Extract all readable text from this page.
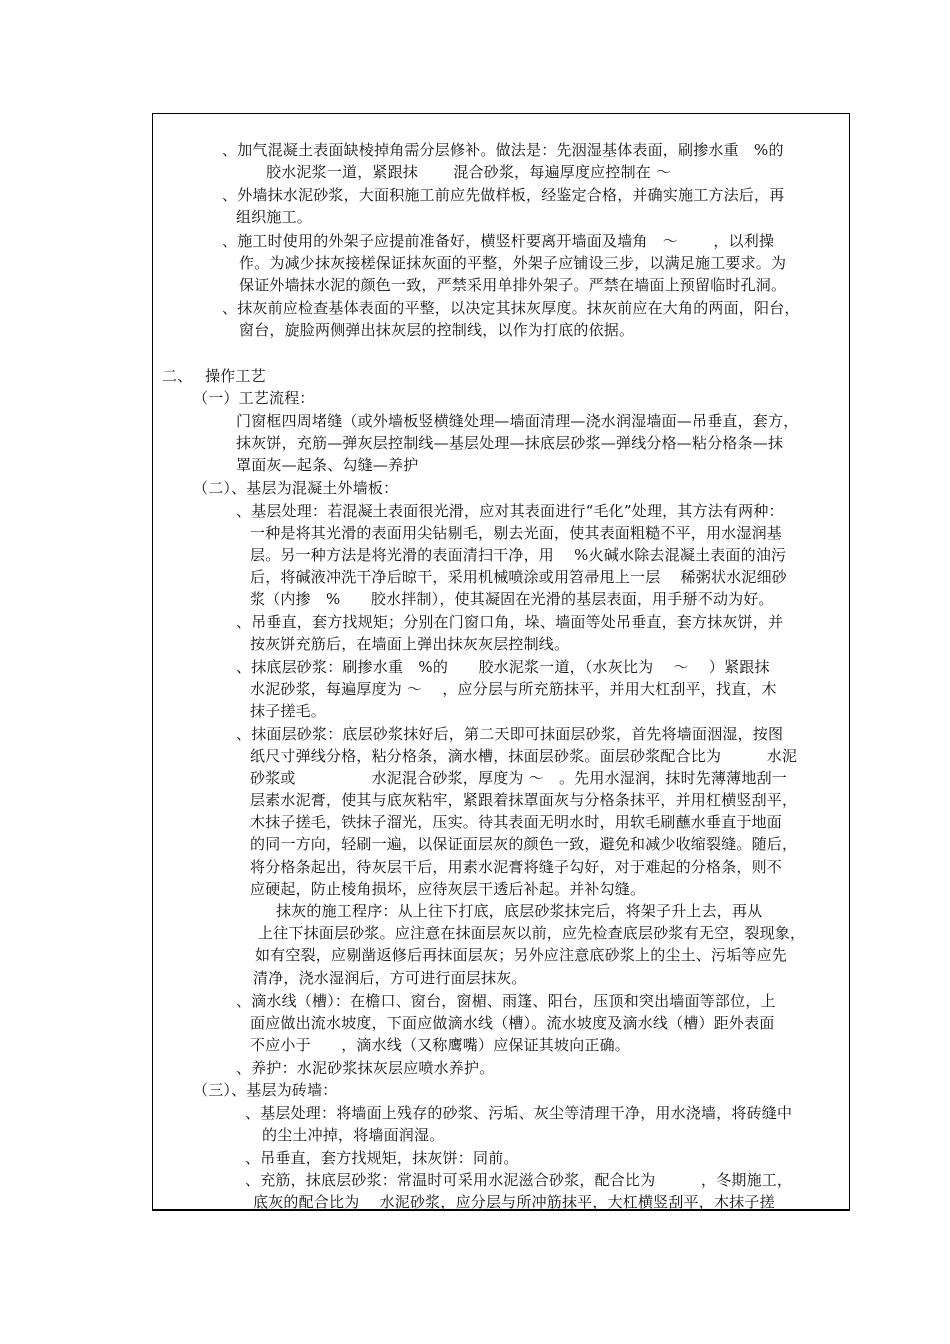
、加气混凝土表面缺棱掉角需分层修补。做法是：先洇湿基体表面，刷掺水重　%的
胶水泥浆一道，紧跟抹　　 混合砂浆，每遍厚度应控制在 ～
、外墙抹水泥砂浆，大面积施工前应先做样板，经鉴定合格，并确实施工方法后，再
组织施工。
、施工时使用的外架子应提前准备好，横竖杆要离开墙面及墙角　～　　 ，以利操
作。为减少抹灰接槎保证抹灰面的平整，外架子应铺设三步，以满足施工要求。为
保证外墙抹水泥的颜色一致，严禁采用单排外架子。严禁在墙面上预留临时孔洞。
、抹灰前应检查基体表面的平整，以决定其抹灰厚度。抹灰前应在大角的两面，阳台，
窗台，旋脸两侧弹出抹灰层的控制线，以作为打底的依据。
二、　 操作工艺
（一）工艺流程：
门窗框四周堵缝（或外墙板竖横缝处理—墙面清理—浇水润湿墙面—吊垂直，套方，
抹灰饼，充筋—弹灰层控制线—基层处理—抹底层砂浆—弹线分格—粘分格条—抹
罩面灰—起条、勾缝—养护
（二）、基层为混凝土外墙板：
、基层处理：若混凝土表面很光滑，应对其表面进行“毛化”处理，其方法有两种：
一种是将其光滑的表面用尖钻剔毛，剔去光面，使其表面粗糙不平，用水湿润基
层。另一种方法是将光滑的表面清扫干净，用　 %火碱水除去混凝土表面的油污
后，将碱液冲洗干净后晾干，采用机械喷涂或用笤帚甩上一层　 稀粥状水泥细砂
浆（内掺　%　　胶水拌制），使其凝固在光滑的基层表面，用手掰不动为好。
、吊垂直，套方找规矩；分别在门窗口角，垛、墙面等处吊垂直，套方抹灰饼，并
按灰饼充筋后，在墙面上弹出抹灰灰层控制线。
、抹底层砂浆：刷掺水重　%的　　胶水泥浆一道，（水灰比为　 ～　 ）紧跟抹
水泥砂浆，每遍厚度为 ～　 ，应分层与所充筋抹平，并用大杠刮平，找直，木
抹子搓毛。
、抹面层砂浆：底层砂浆抹好后，第二天即可抹面层砂浆，首先将墙面洇湿，按图
纸尺寸弹线分格，粘分格条，滴水槽，抹面层砂浆。面层砂浆配合比为　　　水泥
砂浆或　　　　　水泥混合砂浆，厚度为 ～　。先用水湿润，抹时先薄薄地刮一
层素水泥膏，使其与底灰粘牢，紧跟着抹罩面灰与分格条抹平，并用杠横竖刮平，
木抹子搓毛，铁抹子溜光，压实。待其表面无明水时，用软毛刷蘸水垂直于地面
的同一方向，轻刷一遍，以保证面层灰的颜色一致，避免和减少收缩裂缝。随后，
将分格条起出，待灰层干后，用素水泥膏将缝子勾好，对于难起的分格条，则不
应硬起，防止棱角损坏，应待灰层干透后补起。并补勾缝。
抹灰的施工程序：从上往下打底，底层砂浆抹完后，将架子升上去，再从
上往下抹面层砂浆。应注意在抹面层灰以前，应先检查底层砂浆有无空，裂现象，
如有空裂，应剔凿返修后再抹面层灰；另外应注意底砂浆上的尘土、污垢等应先
清净，浇水湿润后，方可进行面层抹灰。
、滴水线（槽）：在檐口、窗台，窗楣、雨篷、阳台，压顶和突出墙面等部位，上
面应做出流水坡度，下面应做滴水线（槽）。流水坡度及滴水线（槽）距外表面
不应小于　　，滴水线（又称鹰嘴）应保证其坡向正确。
、养护：水泥砂浆抹灰层应喷水养护。
（三）、基层为砖墙：
、基层处理：将墙面上残存的砂浆、污垢、灰尘等清理干净，用水浇墙，将砖缝中
的尘土冲掉，将墙面润湿。
、吊垂直，套方找规矩，抹灰饼：同前。
、充筋，抹底层砂浆：常温时可采用水泥滋合砂浆，配合比为　　　，冬期施工，
底灰的配合比为　 水泥砂浆，应分层与所冲筋抹平，大杠横竖刮平，木抹子搓
